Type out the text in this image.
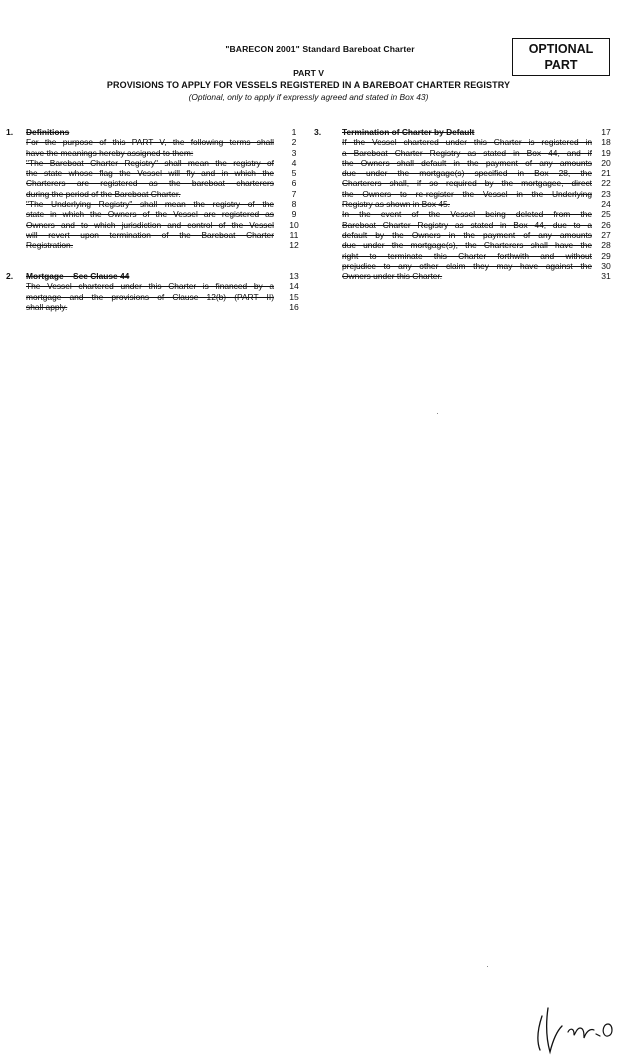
"BARECON 2001" Standard Bareboat Charter	OPTIONAL
PART
PART V
PROVISIONS TO APPLY FOR VESSELS REGISTERED IN A BAREBOAT CHARTER REGISTRY
(Optional, only to apply if expressly agreed and stated in Box 43)
1. Definitions	1
For the purpose of this PART V, the following terms shall	2
have the meanings hereby assigned to them:	3
"The Bareboat Charter Registry" shall mean the registry of	4
the state whose flag the Vessel will fly and in which the	5
Charterers are registered as the bareboat charterers	6
during the period of the Bareboat Charter.	7
"The Underlying Registry" shall mean the registry of the	8
state in which the Owners of the Vessel are registered as	9
Owners and to which jurisdiction and control of the Vessel	10
will revert upon termination of the Bareboat Charter	11
Registration.	12
2. Mortgage – See Clause 44	13
The Vessel chartered under this Charter is financed by a	14
mortgage and the provisions of Clause 12(b) (PART II)	15
shall apply.	16
3. Termination of Charter by Default	17
If the Vessel chartered under this Charter is registered in	18
a Bareboat Charter Registry as stated in Box 44, and if	19
the Owners shall default in the payment of any amounts	20
due under the mortgage(s) specified in Box 28, the	21
Charterers shall, if so required by the mortgagee, direct	22
the Owners to re-register the Vessel in the Underlying	23
Registry as shown in Box 45.	24
In the event of the Vessel being deleted from the	25
Bareboat Charter Registry as stated in Box 44, due to a	26
default by the Owners in the payment of any amounts	27
due under the mortgage(s), the Charterers shall have the	28
right to terminate this Charter forthwith and without	29
prejudice to any other claim they may have against the	30
Owners under this Charter.	31
